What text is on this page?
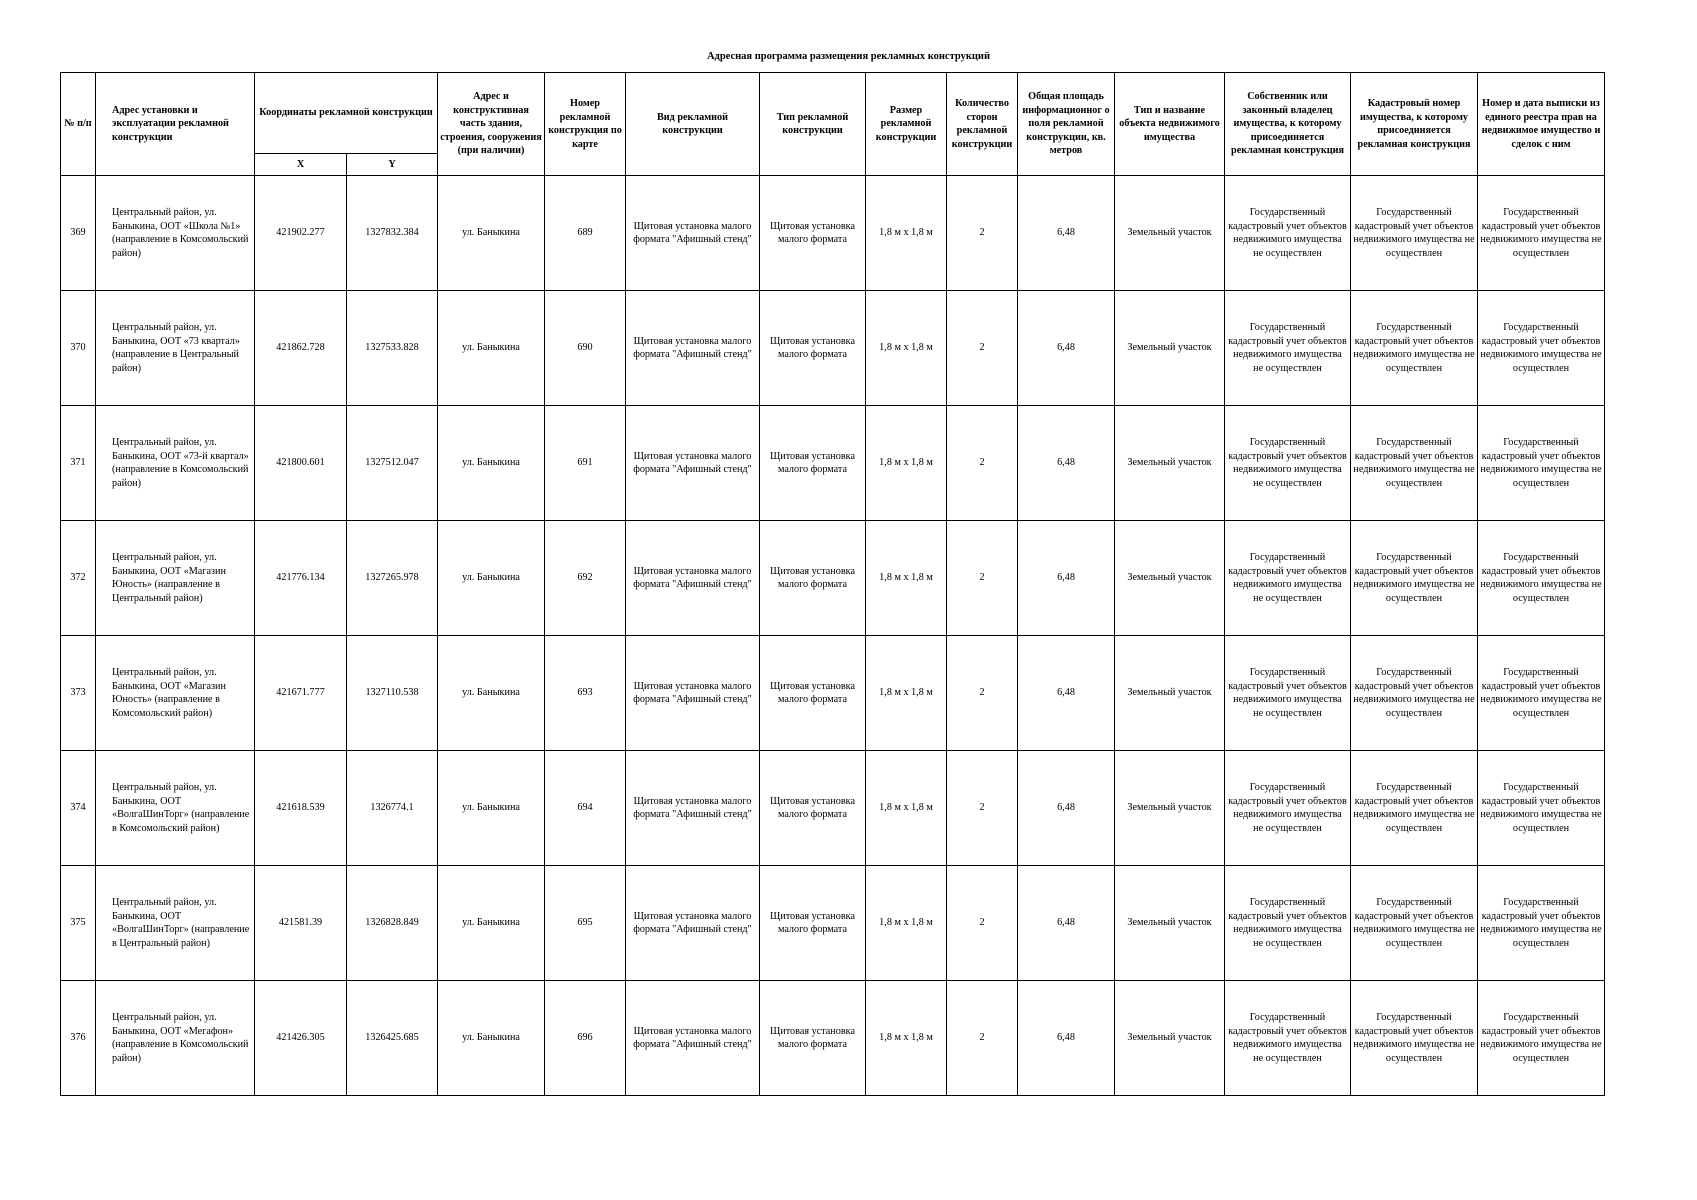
Адресная программа размещения рекламных конструкций
№ п/п	Адрес установки и эксплуатации рекламной конструкции	Координаты рекламной конструкции		Адрес и конструктивная часть здания, строения, сооружения (при наличии)	Номер рекламной конструкция по карте	Вид рекламной конструкции	Тип рекламной конструкции	Размер рекламной конструкции	Количество сторон рекламной конструкции	Общая площадь информационног о поля рекламной конструкции, кв. метров	Тип и название объекта недвижимого имущества	Собственник или законный владелец имущества, к которому присоединяется рекламная конструкция	Кадастровый номер имущества, к которому присоединяется рекламная конструкция	Номер и дата выписки из единого реестра прав на недвижимое имущество и сделок с ним
		X	Y											
369	Центральный район, ул. Баныкина, ООТ «Школа №1» (направление в Комсомольский район)	421902.277	1327832.384	ул. Баныкина	689	Щитовая установка малого формата "Афишный стенд"	Щитовая установка малого формата	1,8 м х 1,8 м	2	6,48	Земельный участок	Государственный кадастровый учет объектов недвижимого имущества не осуществлен	Государственный кадастровый учет объектов недвижимого имущества не осуществлен	Государственный кадастровый учет объектов недвижимого имущества не осуществлен
370	Центральный район, ул. Баныкина, ООТ «73 квартал» (направление в Центральный район)	421862.728	1327533.828	ул. Баныкина	690	Щитовая установка малого формата "Афишный стенд"	Щитовая установка малого формата	1,8 м х 1,8 м	2	6,48	Земельный участок	Государственный кадастровый учет объектов недвижимого имущества не осуществлен	Государственный кадастровый учет объектов недвижимого имущества не осуществлен	Государственный кадастровый учет объектов недвижимого имущества не осуществлен
371	Центральный район, ул. Баныкина, ООТ «73-й квартал» (направление в Комсомольский район)	421800.601	1327512.047	ул. Баныкина	691	Щитовая установка малого формата "Афишный стенд"	Щитовая установка малого формата	1,8 м х 1,8 м	2	6,48	Земельный участок	Государственный кадастровый учет объектов недвижимого имущества не осуществлен	Государственный кадастровый учет объектов недвижимого имущества не осуществлен	Государственный кадастровый учет объектов недвижимого имущества не осуществлен
372	Центральный район, ул. Баныкина, ООТ «Магазин Юность» (направление в Центральный район)	421776.134	1327265.978	ул. Баныкина	692	Щитовая установка малого формата "Афишный стенд"	Щитовая установка малого формата	1,8 м х 1,8 м	2	6,48	Земельный участок	Государственный кадастровый учет объектов недвижимого имущества не осуществлен	Государственный кадастровый учет объектов недвижимого имущества не осуществлен	Государственный кадастровый учет объектов недвижимого имущества не осуществлен
373	Центральный район, ул. Баныкина, ООТ «Магазин Юность» (направление в Комсомольский район)	421671.777	1327110.538	ул. Баныкина	693	Щитовая установка малого формата "Афишный стенд"	Щитовая установка малого формата	1,8 м х 1,8 м	2	6,48	Земельный участок	Государственный кадастровый учет объектов недвижимого имущества не осуществлен	Государственный кадастровый учет объектов недвижимого имущества не осуществлен	Государственный кадастровый учет объектов недвижимого имущества не осуществлен
374	Центральный район, ул. Баныкина, ООТ «ВолгаШинТорг» (направление в Комсомольский район)	421618.539	1326774.1	ул. Баныкина	694	Щитовая установка малого формата "Афишный стенд"	Щитовая установка малого формата	1,8 м х 1,8 м	2	6,48	Земельный участок	Государственный кадастровый учет объектов недвижимого имущества не осуществлен	Государственный кадастровый учет объектов недвижимого имущества не осуществлен	Государственный кадастровый учет объектов недвижимого имущества не осуществлен
375	Центральный район, ул. Баныкина, ООТ «ВолгаШинТорг» (направление в Центральный район)	421581.39	1326828.849	ул. Баныкина	695	Щитовая установка малого формата "Афишный стенд"	Щитовая установка малого формата	1,8 м х 1,8 м	2	6,48	Земельный участок	Государственный кадастровый учет объектов недвижимого имущества не осуществлен	Государственный кадастровый учет объектов недвижимого имущества не осуществлен	Государственный кадастровый учет объектов недвижимого имущества не осуществлен
376	Центральный район, ул. Баныкина, ООТ «Мегафон» (направление в Комсомольский район)	421426.305	1326425.685	ул. Баныкина	696	Щитовая установка малого формата "Афишный стенд"	Щитовая установка малого формата	1,8 м х 1,8 м	2	6,48	Земельный участок	Государственный кадастровый учет объектов недвижимого имущества не осуществлен	Государственный кадастровый учет объектов недвижимого имущества не осуществлен	Государственный кадастровый учет объектов недвижимого имущества не осуществлен
